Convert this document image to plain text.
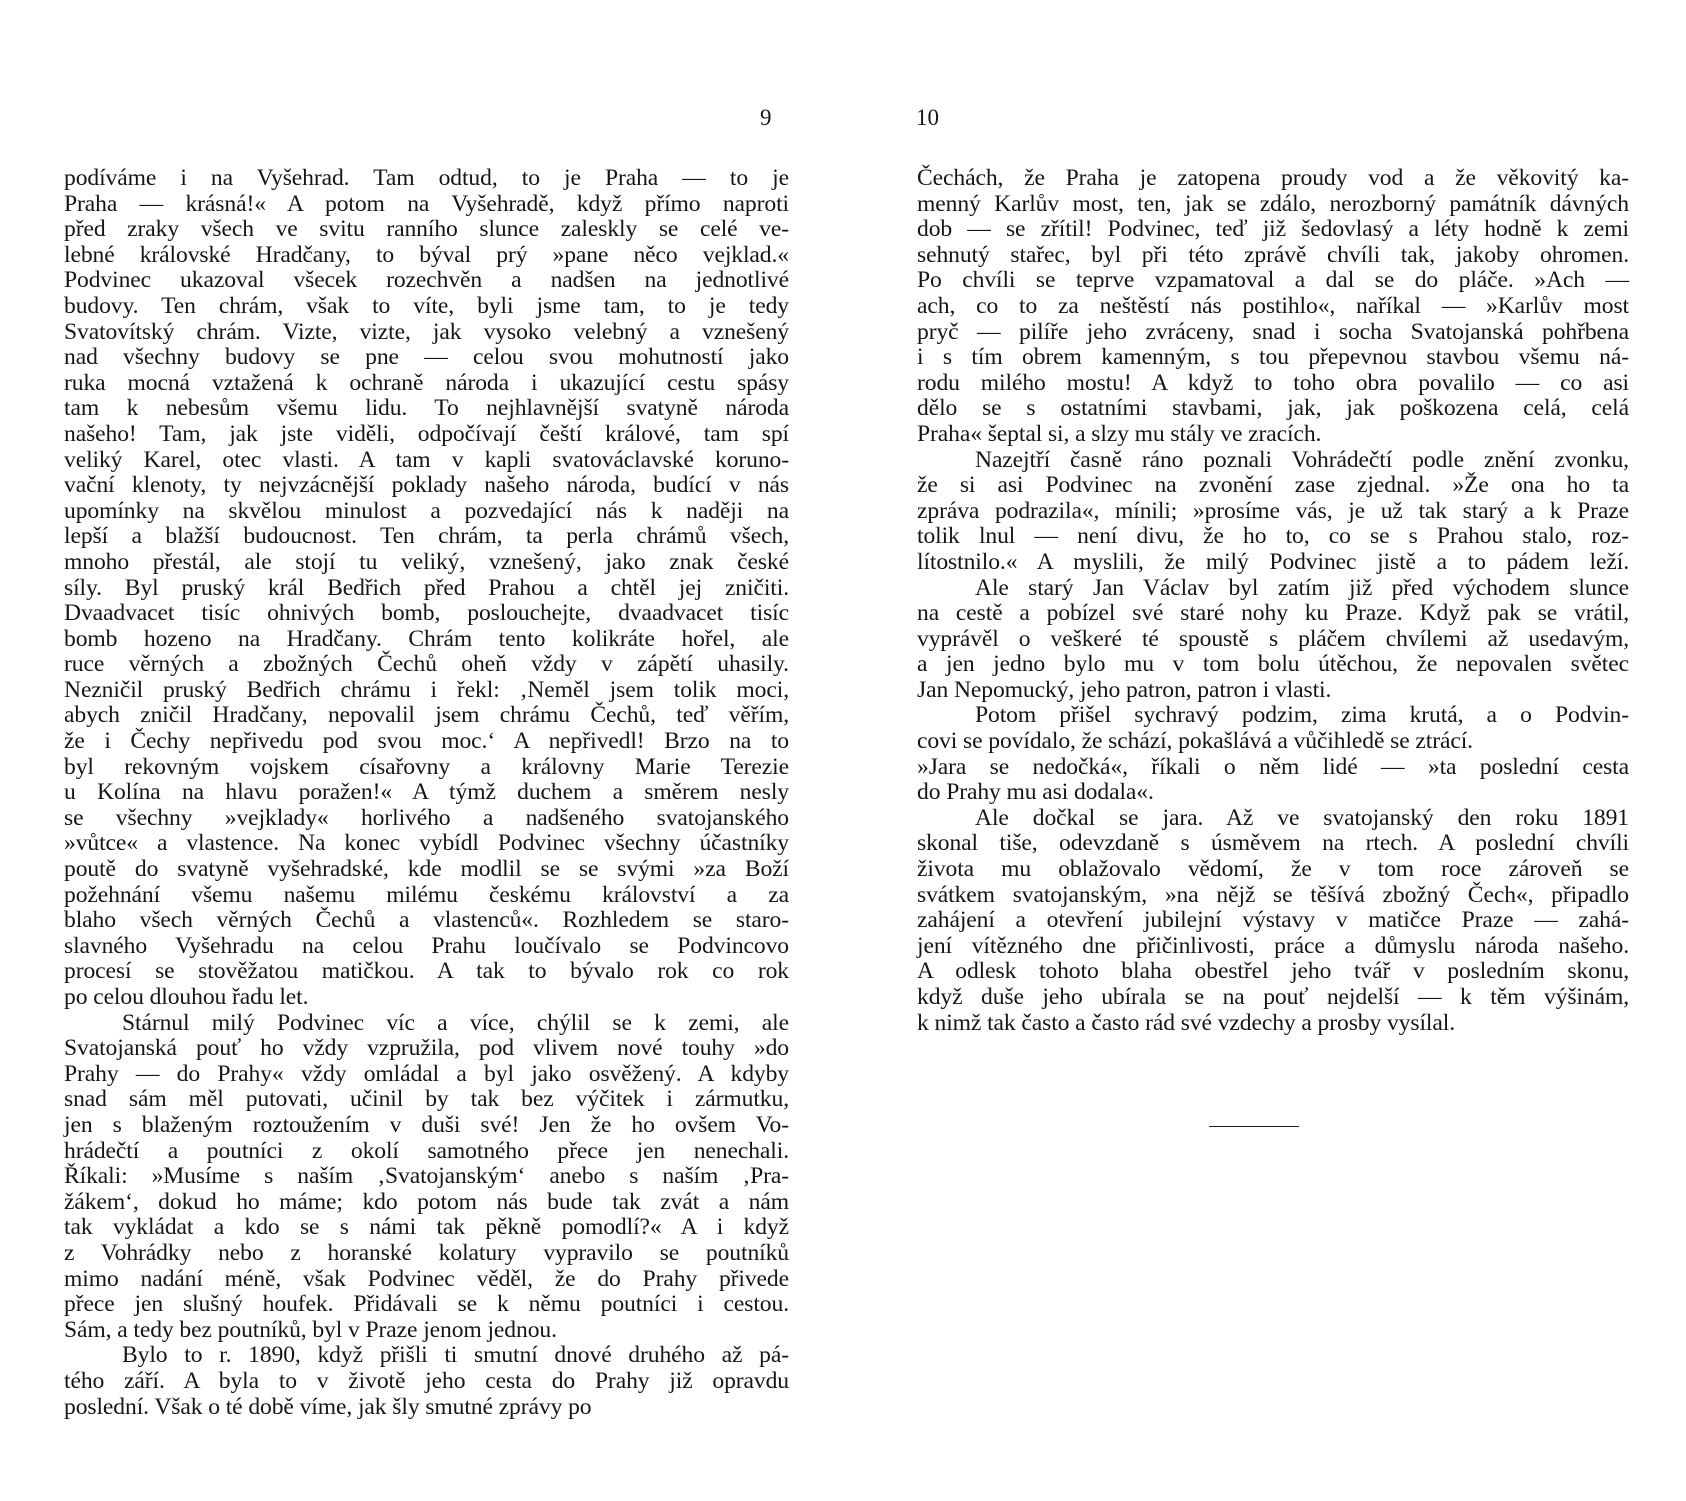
9	10
podíváme i na Vyšehrad. Tam odtud, to je Praha — to je
Praha — krásná!« A potom na Vyšehradě, když přímo naproti
před zraky všech ve svitu ranního slunce zaleskly se celé ve-
lebné královské Hradčany, to býval prý »pane něco vejklad.«
Podvinec ukazoval všecek rozechvěn a nadšen na jednotlivé
budovy. Ten chrám, však to víte, byli jsme tam, to je tedy
Svatovítský chrám. Vizte, vizte, jak vysoko velebný a vznešený
nad všechny budovy se pne — celou svou mohutností jako
ruka mocná vztažená k ochraně národa i ukazující cestu spásy
tam k nebesům všemu lidu. To nejhlavnější svatyně národa
našeho! Tam, jak jste viděli, odpočívají čeští králové, tam spí
veliký Karel, otec vlasti. A tam v kapli svatováclavské koruno-
vační klenoty, ty nejvzácnější poklady našeho národa, budící v nás
upomínky na skvělou minulost a pozvedající nás k naději na
lepší a blažší budoucnost. Ten chrám, ta perla chrámů všech,
mnoho přestál, ale stojí tu veliký, vznešený, jako znak české
síly. Byl pruský král Bedřich před Prahou a chtěl jej zničiti.
Dvaadvacet tisíc ohnivých bomb, poslouchejte, dvaadvacet tisíc
bomb hozeno na Hradčany. Chrám tento kolikráte hořel, ale
ruce věrných a zbožných Čechů oheň vždy v zápětí uhasily.
Nezničil pruský Bedřich chrámu i řekl: ‚Neměl jsem tolik moci,
abych zničil Hradčany, nepovalil jsem chrámu Čechů, teď věřím,
že i Čechy nepřivedu pod svou moc.‘ A nepřivedl! Brzo na to
byl rekovným vojskem císařovny a královny Marie Terezie
u Kolína na hlavu poražen!« A týmž duchem a směrem nesly
se všechny »vejklady« horlivého a nadšeného svatojanského
»vůtce« a vlastence. Na konec vybídl Podvinec všechny účastníky
poutě do svatyně vyšehradské, kde modlil se se svými »za Boží
požehnání všemu našemu milému českému království a za
blaho všech věrných Čechů a vlastenců«. Rozhledem se staro-
slavného Vyšehradu na celou Prahu loučívalo se Podvincovo
procesí se stověžatou matičkou. A tak to bývalo rok co rok
po celou dlouhou řadu let.
Stárnul milý Podvinec víc a více, chýlil se k zemi, ale
Svatojanská pouť ho vždy vzpružila, pod vlivem nové touhy »do
Prahy — do Prahy« vždy omládal a byl jako osvěžený. A kdyby
snad sám měl putovati, učinil by tak bez výčitek i zármutku,
jen s blaženým roztoužením v duši své! Jen že ho ovšem Vo-
hrádečtí a poutníci z okolí samotného přece jen nenechali.
Říkali: »Musíme s naším ‚Svatojanským‘ anebo s naším ‚Pra-
žákem‘, dokud ho máme; kdo potom nás bude tak zvát a nám
tak vykládat a kdo se s námi tak pěkně pomodlí?« A i když
z Vohrádky nebo z horanské kolatury vypravilo se poutníků
mimo nadání méně, však Podvinec věděl, že do Prahy přivede
přece jen slušný houfek. Přidávali se k němu poutníci i cestou.
Sám, a tedy bez poutníků, byl v Praze jenom jednou.
Bylo to r. 1890, když přišli ti smutní dnové druhého až pá-
tého září. A byla to v životě jeho cesta do Prahy již opravdu
poslední. Však o té době víme, jak šly smutné zprávy po
Čechách, že Praha je zatopena proudy vod a že věkovitý ka-
menný Karlův most, ten, jak se zdálo, nerozborný památník dávných
dob — se zřítil! Podvinec, teď již šedovlasý a léty hodně k zemi
sehnutý stařec, byl při této zprávě chvíli tak, jakoby ohromen.
Po chvíli se teprve vzpamatoval a dal se do pláče. »Ach —
ach, co to za neštěstí nás postihlo«, naříkal — »Karlův most
pryč — pilíře jeho zvráceny, snad i socha Svatojanská pohřbena
i s tím obrem kamenným, s tou přepevnou stavbou všemu ná-
rodu milého mostu! A když to toho obra povalilo — co asi
dělo se s ostatními stavbami, jak, jak poškozena celá, celá
Praha« šeptal si, a slzy mu stály ve zracích.
Nazejtří časně ráno poznali Vohrádečtí podle znění zvonku,
že si asi Podvinec na zvonění zase zjednal. »Že ona ho ta
zpráva podrazila«, mínili; »prosíme vás, je už tak starý a k Praze
tolik lnul — není divu, že ho to, co se s Prahou stalo, roz-
lítostnilo.« A myslili, že milý Podvinec jistě a to pádem leží.
Ale starý Jan Václav byl zatím již před východem slunce
na cestě a pobízel své staré nohy ku Praze. Když pak se vrátil,
vyprávěl o veškeré té spoustě s pláčem chvílemi až usedavým,
a jen jedno bylo mu v tom bolu útěchou, že nepovalen světec
Jan Nepomucký, jeho patron, patron i vlasti.
Potom přišel sychravý podzim, zima krutá, a o Podvin-
covi se povídalo, že schází, pokašlává a vůčihledě se ztrácí.
»Jara se nedočká«, říkali o něm lidé — »ta poslední cesta
do Prahy mu asi dodala«.
Ale dočkal se jara. Až ve svatojanský den roku 1891
skonal tiše, odevzdaně s úsměvem na rtech. A poslední chvíli
života mu oblažovalo vědomí, že v tom roce zároveň se
svátkem svatojanským, »na nějž se těšívá zbožný Čech«, připadlo
zahájení a otevření jubilejní výstavy v matičce Praze — zahá-
jení vítězného dne přičinlivosti, práce a důmyslu národa našeho.
A odlesk tohoto blaha obestřel jeho tvář v posledním skonu,
když duše jeho ubírala se na pouť nejdelší — k těm výšinám,
k nimž tak často a často rád své vzdechy a prosby vysílal.
